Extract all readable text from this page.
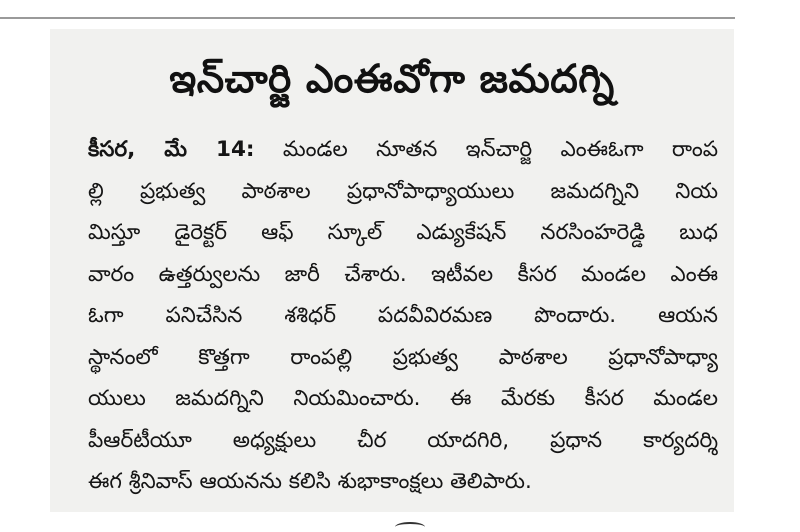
ఇన్‌చార్జి ఎంఈవోగా జమదగ్ని
కీసర, మే 14: మండల నూతన ఇన్‌చార్జి ఎంఈఓగా రాంప
ల్లి ప్రభుత్వ పాఠశాల ప్రధానోపాధ్యాయులు జమదగ్నిని నియ
మిస్తూ డైరెక్టర్ ఆఫ్ స్కూల్ ఎడ్యుకేషన్ నరసింహరెడ్డి బుధ
వారం ఉత్తర్వులను జారీ చేశారు. ఇటీవల కీసర మండల ఎంఈ
ఓగా పనిచేసిన శశిధర్ పదవీవిరమణ పొందారు. ఆయన
స్థానంలో కొత్తగా రాంపల్లి ప్రభుత్వ పాఠశాల ప్రధానోపాధ్యా
యులు జమదగ్నిని నియమించారు. ఈ మేరకు కీసర మండల
పీఆర్‌టీయూ అధ్యక్షులు చీర యాదగిరి, ప్రధాన కార్యదర్శి
ఈగ శ్రీనివాస్ ఆయనను కలిసి శుభాకాంక్షలు తెలిపారు.
